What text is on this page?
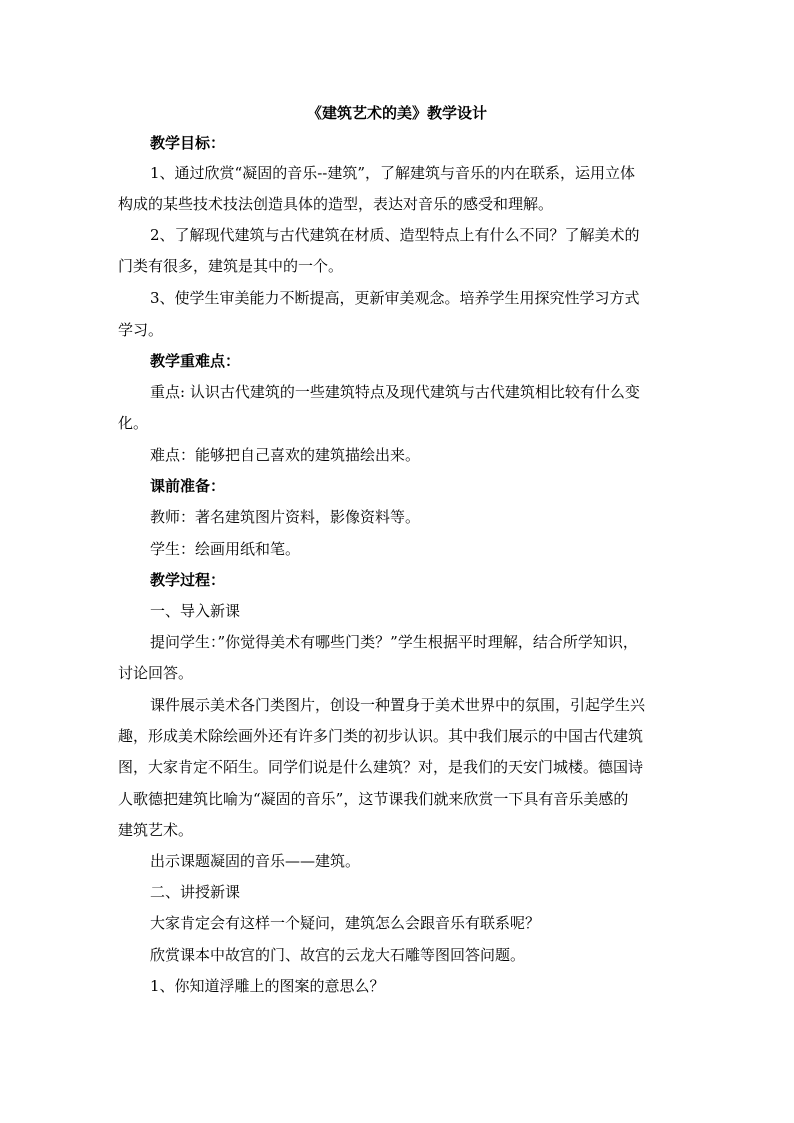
《建筑艺术的美》教学设计
教学目标：
1、通过欣赏“凝固的音乐--建筑”，了解建筑与音乐的内在联系，运用立体
构成的某些技术技法创造具体的造型，表达对音乐的感受和理解。
2、了解现代建筑与古代建筑在材质、造型特点上有什么不同？了解美术的
门类有很多，建筑是其中的一个。
3、使学生审美能力不断提高，更新审美观念。培养学生用探究性学习方式
学习。
教学重难点：
重点: 认识古代建筑的一些建筑特点及现代建筑与古代建筑相比较有什么变
化。
难点：能够把自己喜欢的建筑描绘出来。
课前准备：
教师：著名建筑图片资料，影像资料等。
学生：绘画用纸和笔。
教学过程：
一、导入新课
提问学生：”你觉得美术有哪些门类？”学生根据平时理解，结合所学知识，
讨论回答。
课件展示美术各门类图片，创设一种置身于美术世界中的氛围，引起学生兴
趣，形成美术除绘画外还有许多门类的初步认识。其中我们展示的中国古代建筑
图，大家肯定不陌生。同学们说是什么建筑？对，是我们的天安门城楼。德国诗
人歌德把建筑比喻为“凝固的音乐”，这节课我们就来欣赏一下具有音乐美感的
建筑艺术。
出示课题凝固的音乐——建筑。
二、讲授新课
大家肯定会有这样一个疑问，建筑怎么会跟音乐有联系呢？
欣赏课本中故宫的门、故宫的云龙大石雕等图回答问题。
1、你知道浮雕上的图案的意思么？
